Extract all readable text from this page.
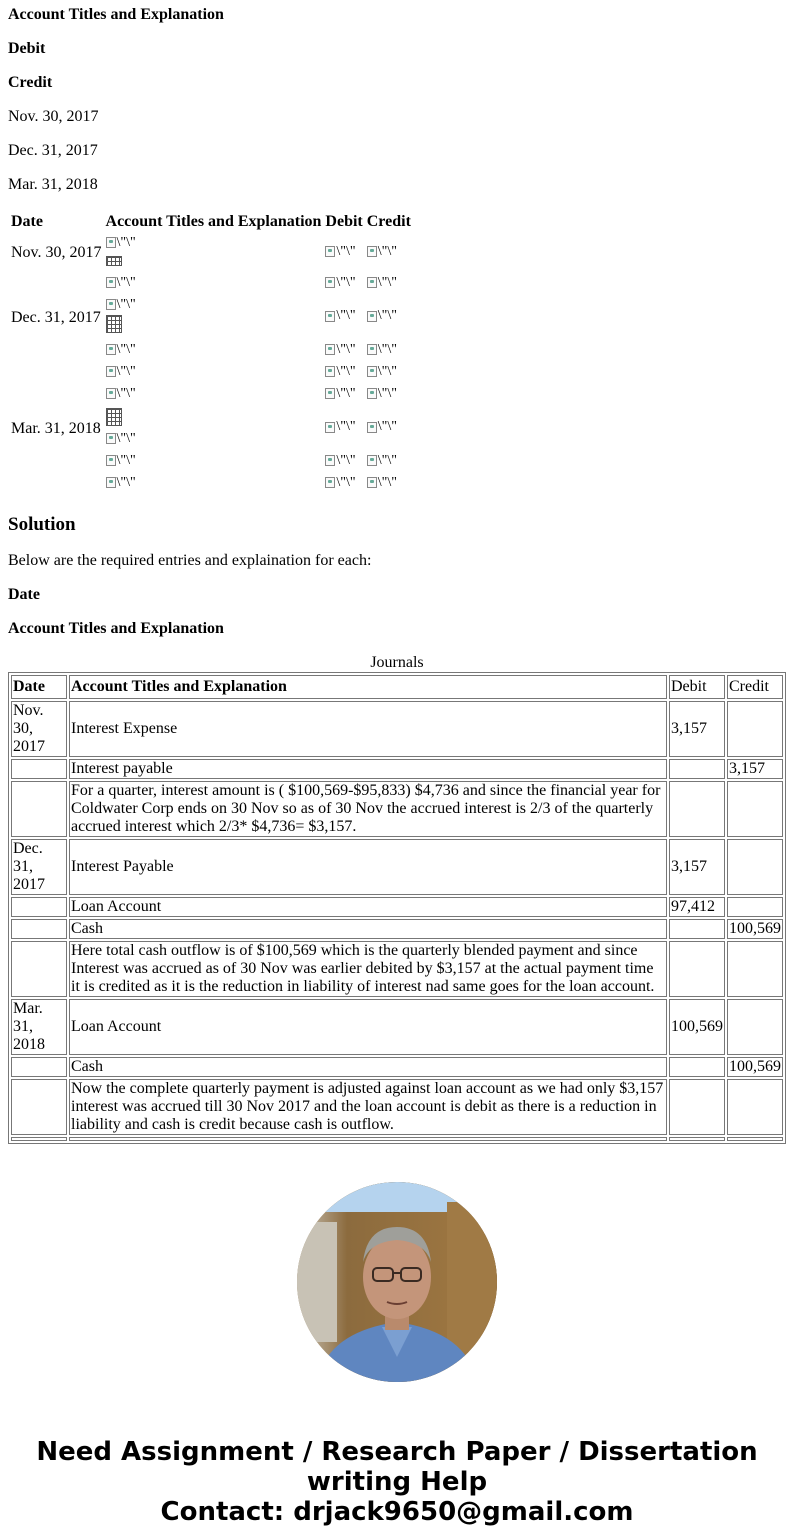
Account Titles and Explanation

Debit

Credit

Nov. 30, 2017

Dec. 31, 2017

Mar. 31, 2018

Date	Account Titles and Explanation	Debit	Credit
Nov. 30, 2017	\"\"	\"\"	\"\"

	\"\"	\"\"	\"\"

Dec. 31, 2017	\"\"	\"\"	\"\"

	\"\"	\"\"	\"\"

	\"\"	\"\"	\"\"

	\"\"	\"\"	\"\"

Mar. 31, 2018	\"\"	\"\"	\"\"

	\"\"	\"\"	\"\"

	\"\"	\"\"	\"\"
Solution

Below are the required entries and explaination for each:

Date

Account Titles and Explanation

Journals
Date	Account Titles and Explanation	Debit	Credit
Nov. 30, 2017	Interest Expense	3,157	
	Interest payable		3,157
	For a quarter, interest amount is ( $100,569-$95,833) $4,736 and since the financial year for Coldwater Corp ends on 30 Nov so as of 30 Nov the accrued interest is 2/3 of the quarterly accrued interest which 2/3* $4,736= $3,157.		
Dec. 31, 2017	Interest Payable	3,157	
	Loan Account	97,412	
	Cash		100,569
	Here total cash outflow is of $100,569 which is the quarterly blended payment and since Interest was accrued as of 30 Nov was earlier debited by $3,157 at the actual payment time it is credited as it is the reduction in liability of interest nad same goes for the loan account.		
Mar. 31, 2018	Loan Account	100,569	
	Cash		100,569
	Now the complete quarterly payment is adjusted against loan account as we had only $3,157 interest was accrued till 30 Nov 2017 and the loan account is debit as there is a reduction in liability and cash is credit because cash is outflow.		

Need Assignment / Research Paper / Dissertation
writing Help
Contact: drjack9650@gmail.com
